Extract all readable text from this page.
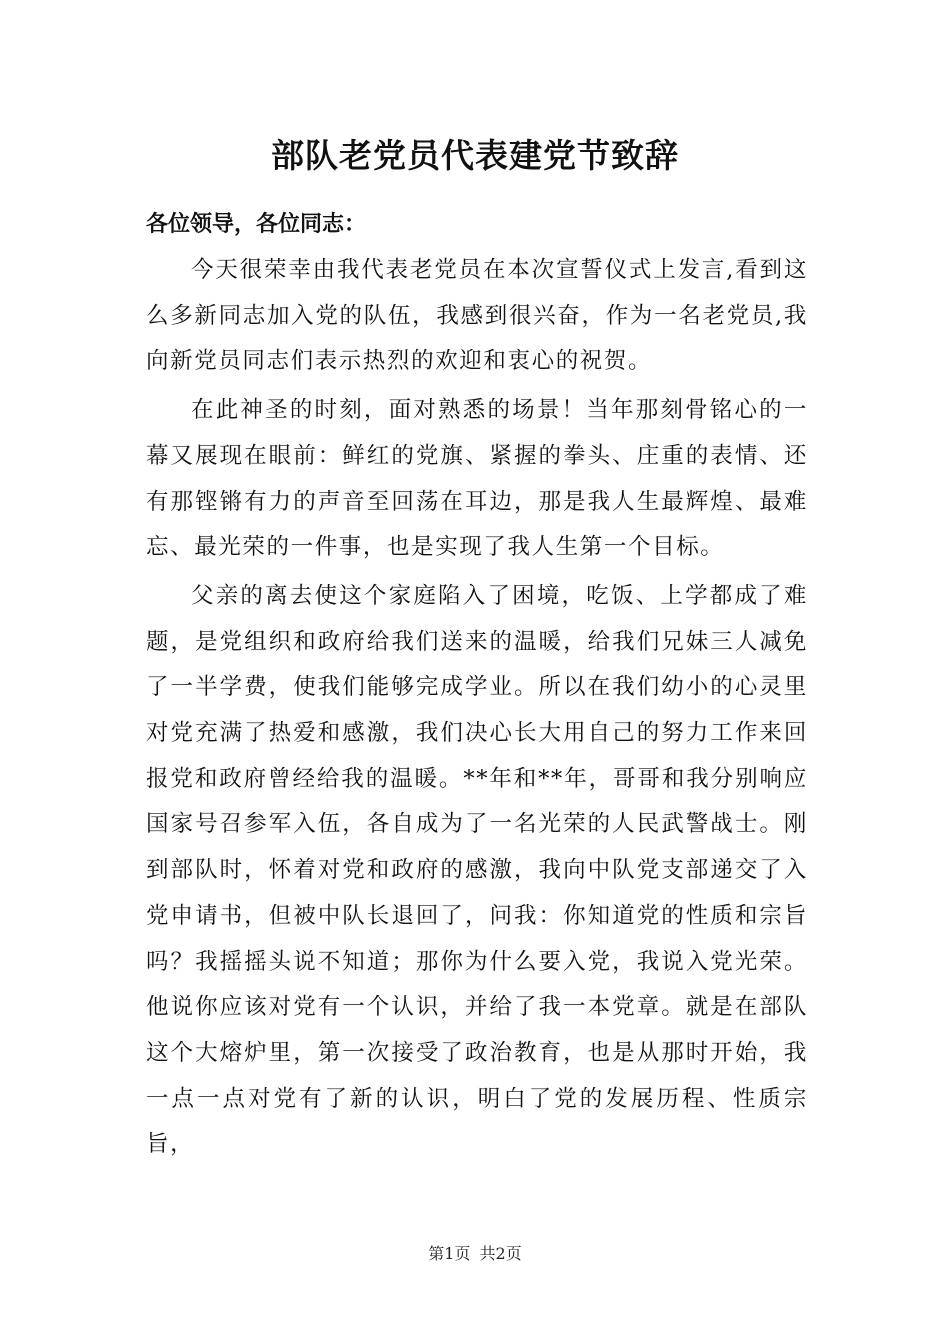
部队老党员代表建党节致辞

各位领导，各位同志：

今天很荣幸由我代表老党员在本次宣誓仪式上发言,看到这么多新同志加入党的队伍，我感到很兴奋，作为一名老党员,我向新党员同志们表示热烈的欢迎和衷心的祝贺。

在此神圣的时刻，面对熟悉的场景！当年那刻骨铭心的一幕又展现在眼前：鲜红的党旗、紧握的拳头、庄重的表情、还有那铿锵有力的声音至回荡在耳边，那是我人生最辉煌、最难忘、最光荣的一件事，也是实现了我人生第一个目标。

父亲的离去使这个家庭陷入了困境，吃饭、上学都成了难题，是党组织和政府给我们送来的温暖，给我们兄妹三人减免了一半学费，使我们能够完成学业。所以在我们幼小的心灵里对党充满了热爱和感激，我们决心长大用自己的努力工作来回报党和政府曾经给我的温暖。**年和**年，哥哥和我分别响应国家号召参军入伍，各自成为了一名光荣的人民武警战士。刚到部队时，怀着对党和政府的感激，我向中队党支部递交了入党申请书，但被中队长退回了，问我：你知道党的性质和宗旨吗？我摇摇头说不知道；那你为什么要入党，我说入党光荣。他说你应该对党有一个认识，并给了我一本党章。就是在部队这个大熔炉里，第一次接受了政治教育，也是从那时开始，我一点一点对党有了新的认识，明白了党的发展历程、性质宗旨，

第1页 共2页
